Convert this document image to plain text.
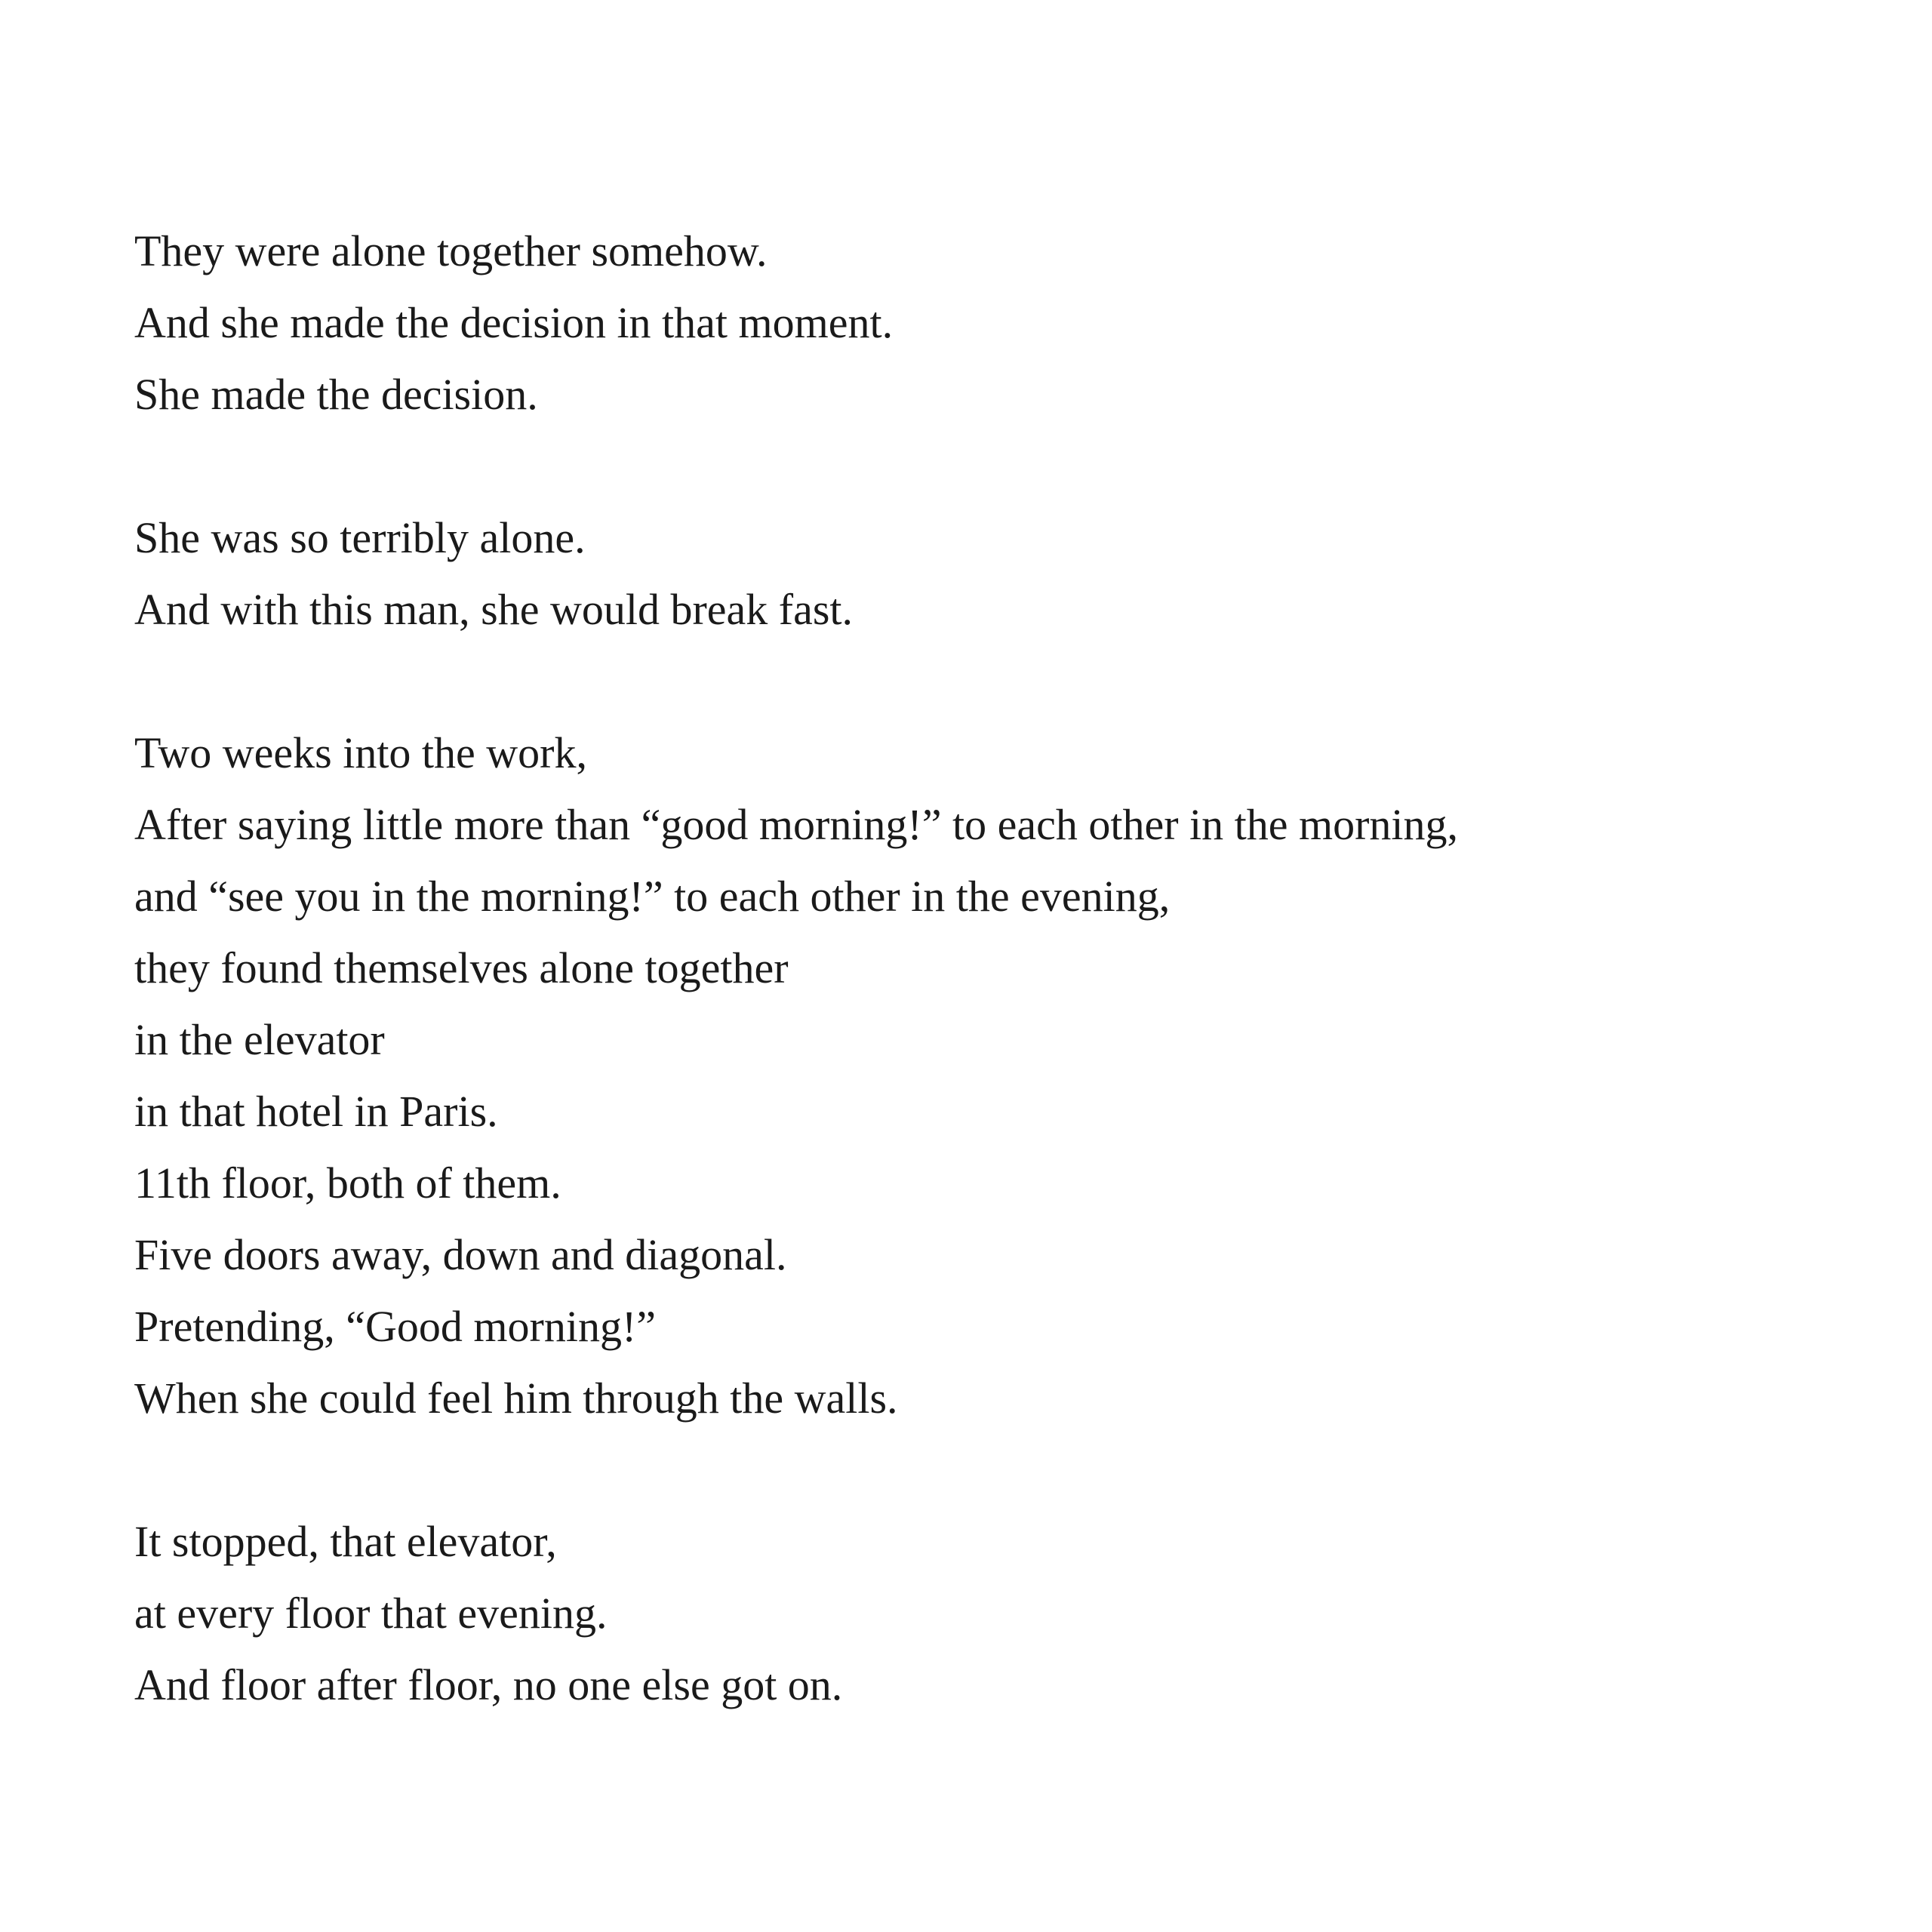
They were alone together somehow.
And she made the decision in that moment.
She made the decision.
She was so terribly alone.
And with this man, she would break fast.
Two weeks into the work,
After saying little more than “good morning!” to each other in the morning,
and “see you in the morning!” to each other in the evening,
they found themselves alone together
in the elevator
in that hotel in Paris.
11th floor, both of them.
Five doors away, down and diagonal.
Pretending, “Good morning!”
When she could feel him through the walls.
It stopped, that elevator,
at every floor that evening.
And floor after floor, no one else got on.
